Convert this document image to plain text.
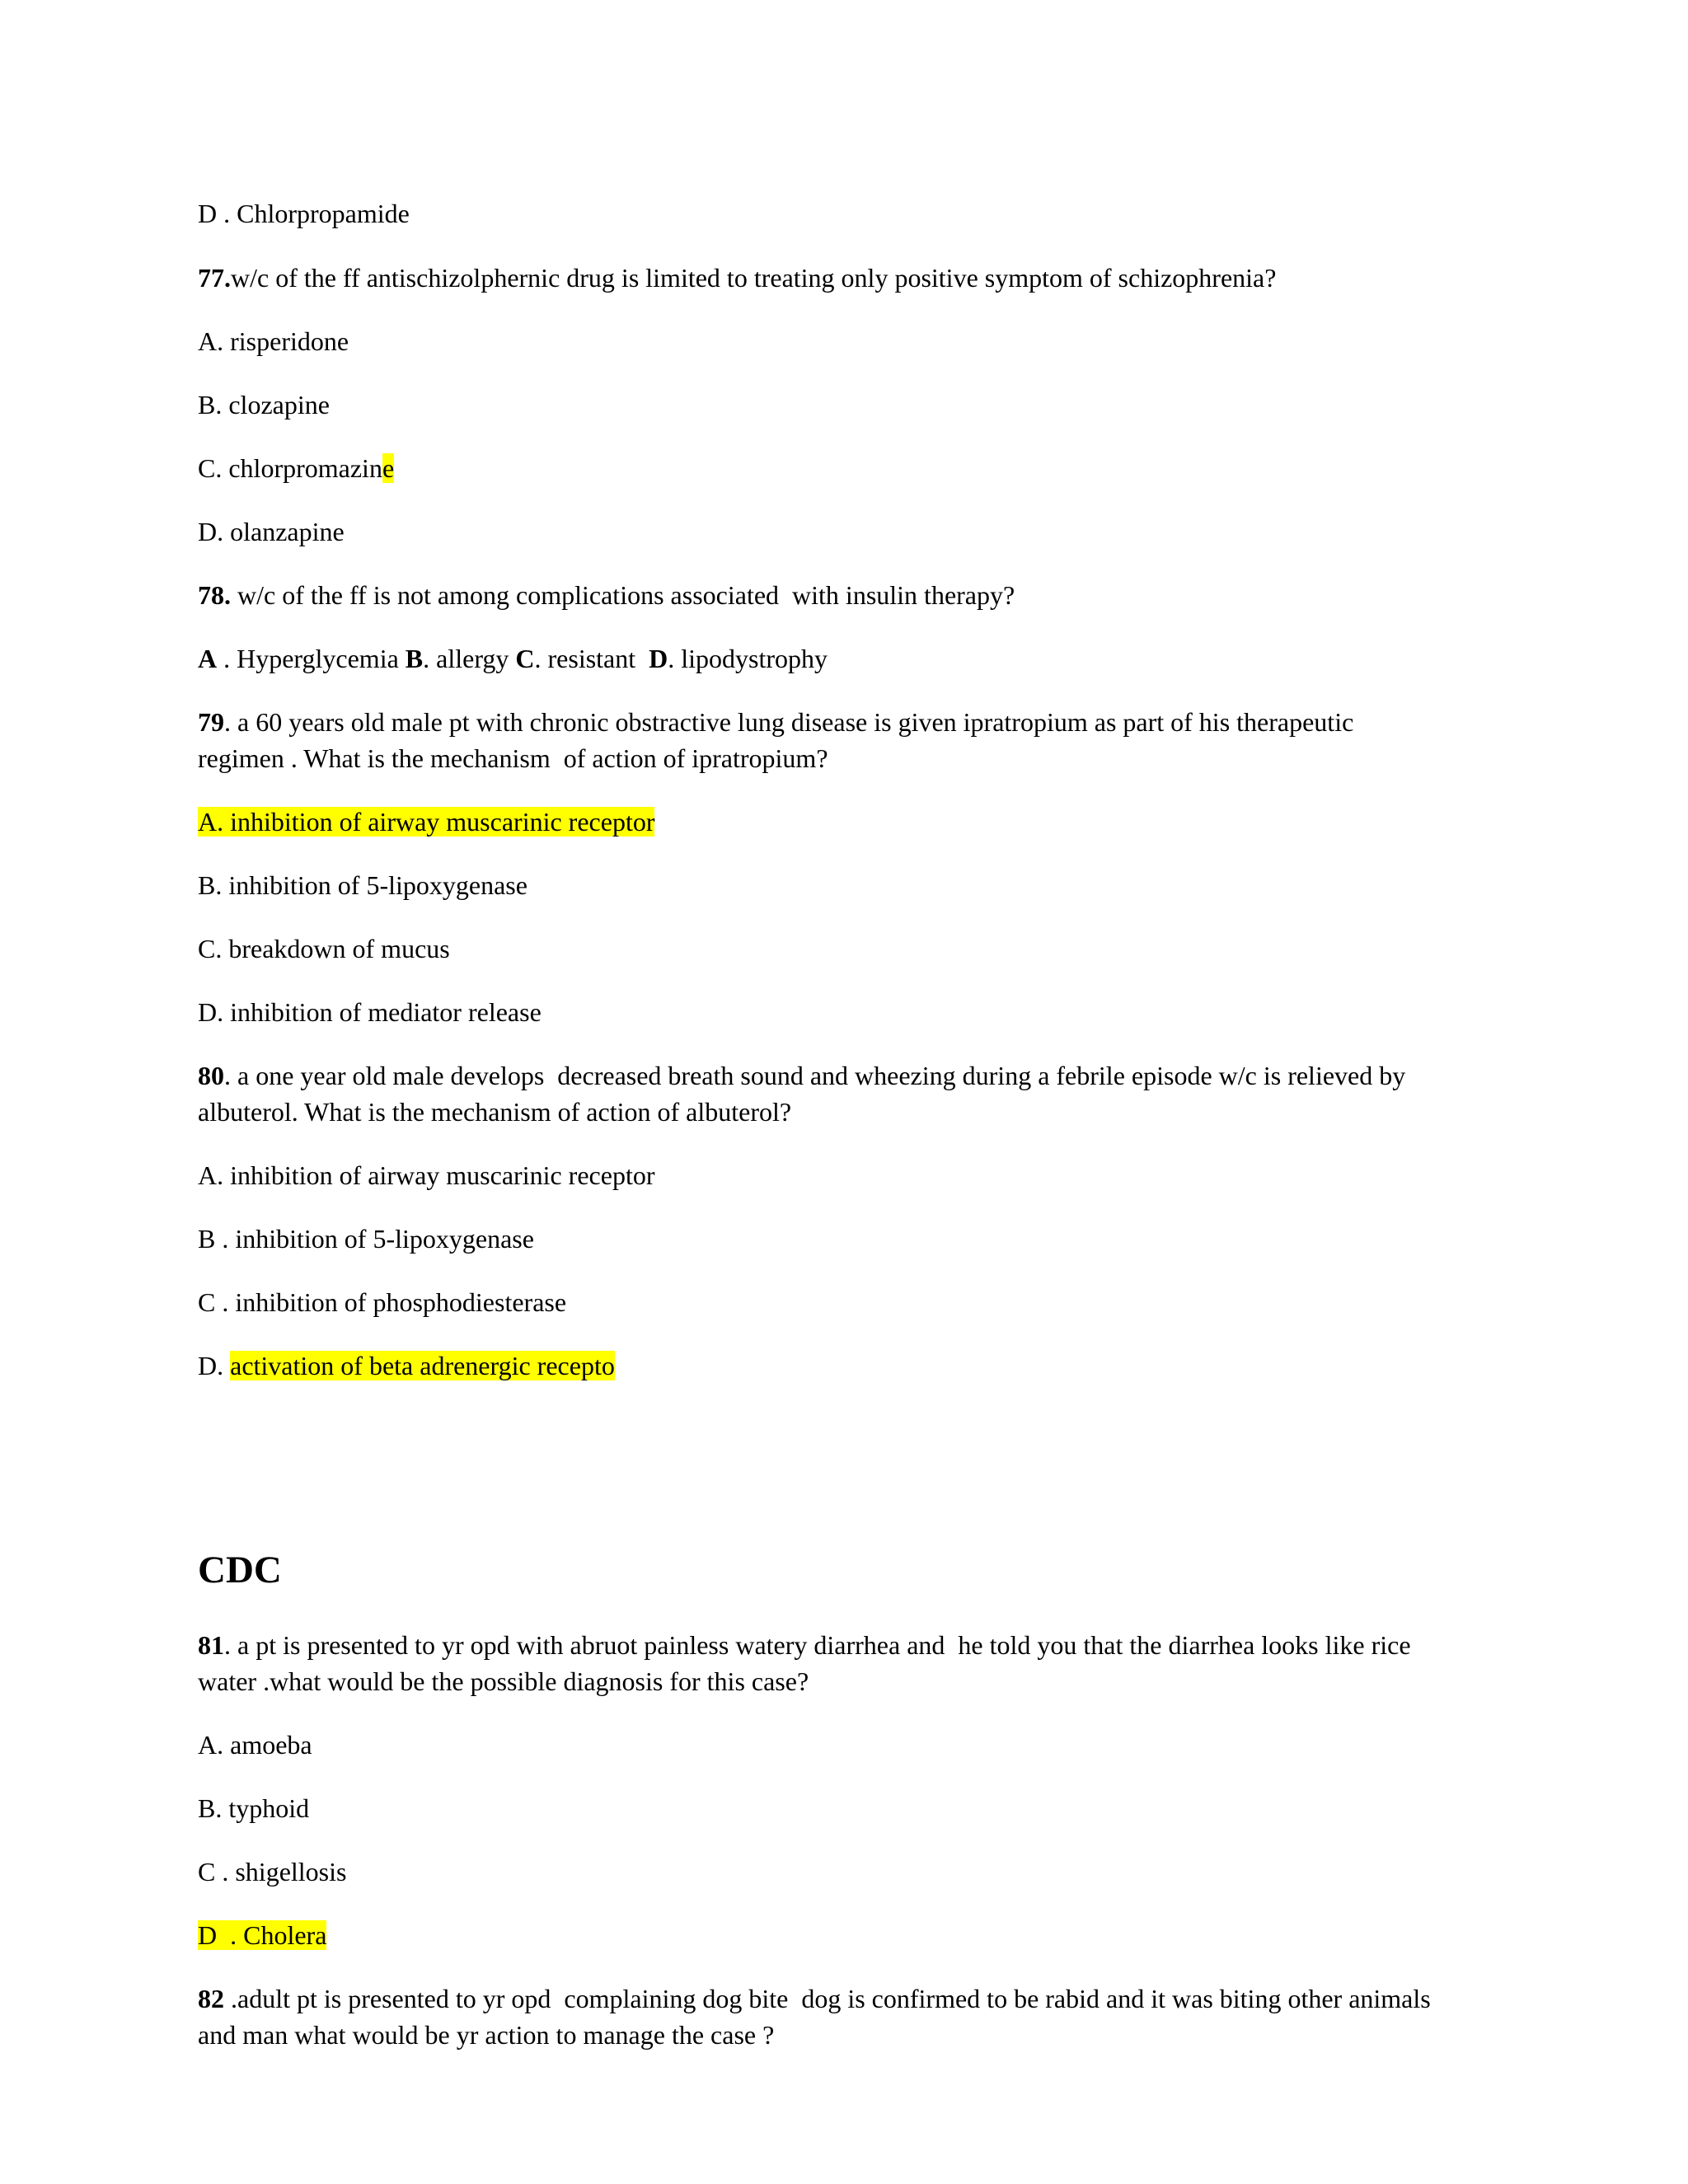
D . Chlorpropamide
77.w/c of the ff antischizolphernic drug is limited to treating only positive symptom of schizophrenia?
A. risperidone
B. clozapine
C. chlorpromazine
D. olanzapine
78. w/c of the ff is not among complications associated  with insulin therapy?
A . Hyperglycemia B. allergy C. resistant  D. lipodystrophy
79. a 60 years old male pt with chronic obstractive lung disease is given ipratropium as part of his therapeutic
regimen . What is the mechanism  of action of ipratropium?
A. inhibition of airway muscarinic receptor
B. inhibition of 5-lipoxygenase
C. breakdown of mucus
D. inhibition of mediator release
80. a one year old male develops  decreased breath sound and wheezing during a febrile episode w/c is relieved by
albuterol. What is the mechanism of action of albuterol?
A. inhibition of airway muscarinic receptor
B . inhibition of 5-lipoxygenase
C . inhibition of phosphodiesterase
D. activation of beta adrenergic recepto
CDC
81. a pt is presented to yr opd with abruot painless watery diarrhea and  he told you that the diarrhea looks like rice
water .what would be the possible diagnosis for this case?
A. amoeba
B. typhoid
C . shigellosis
D  . Cholera
82 .adult pt is presented to yr opd  complaining dog bite  dog is confirmed to be rabid and it was biting other animals
and man what would be yr action to manage the case ?
